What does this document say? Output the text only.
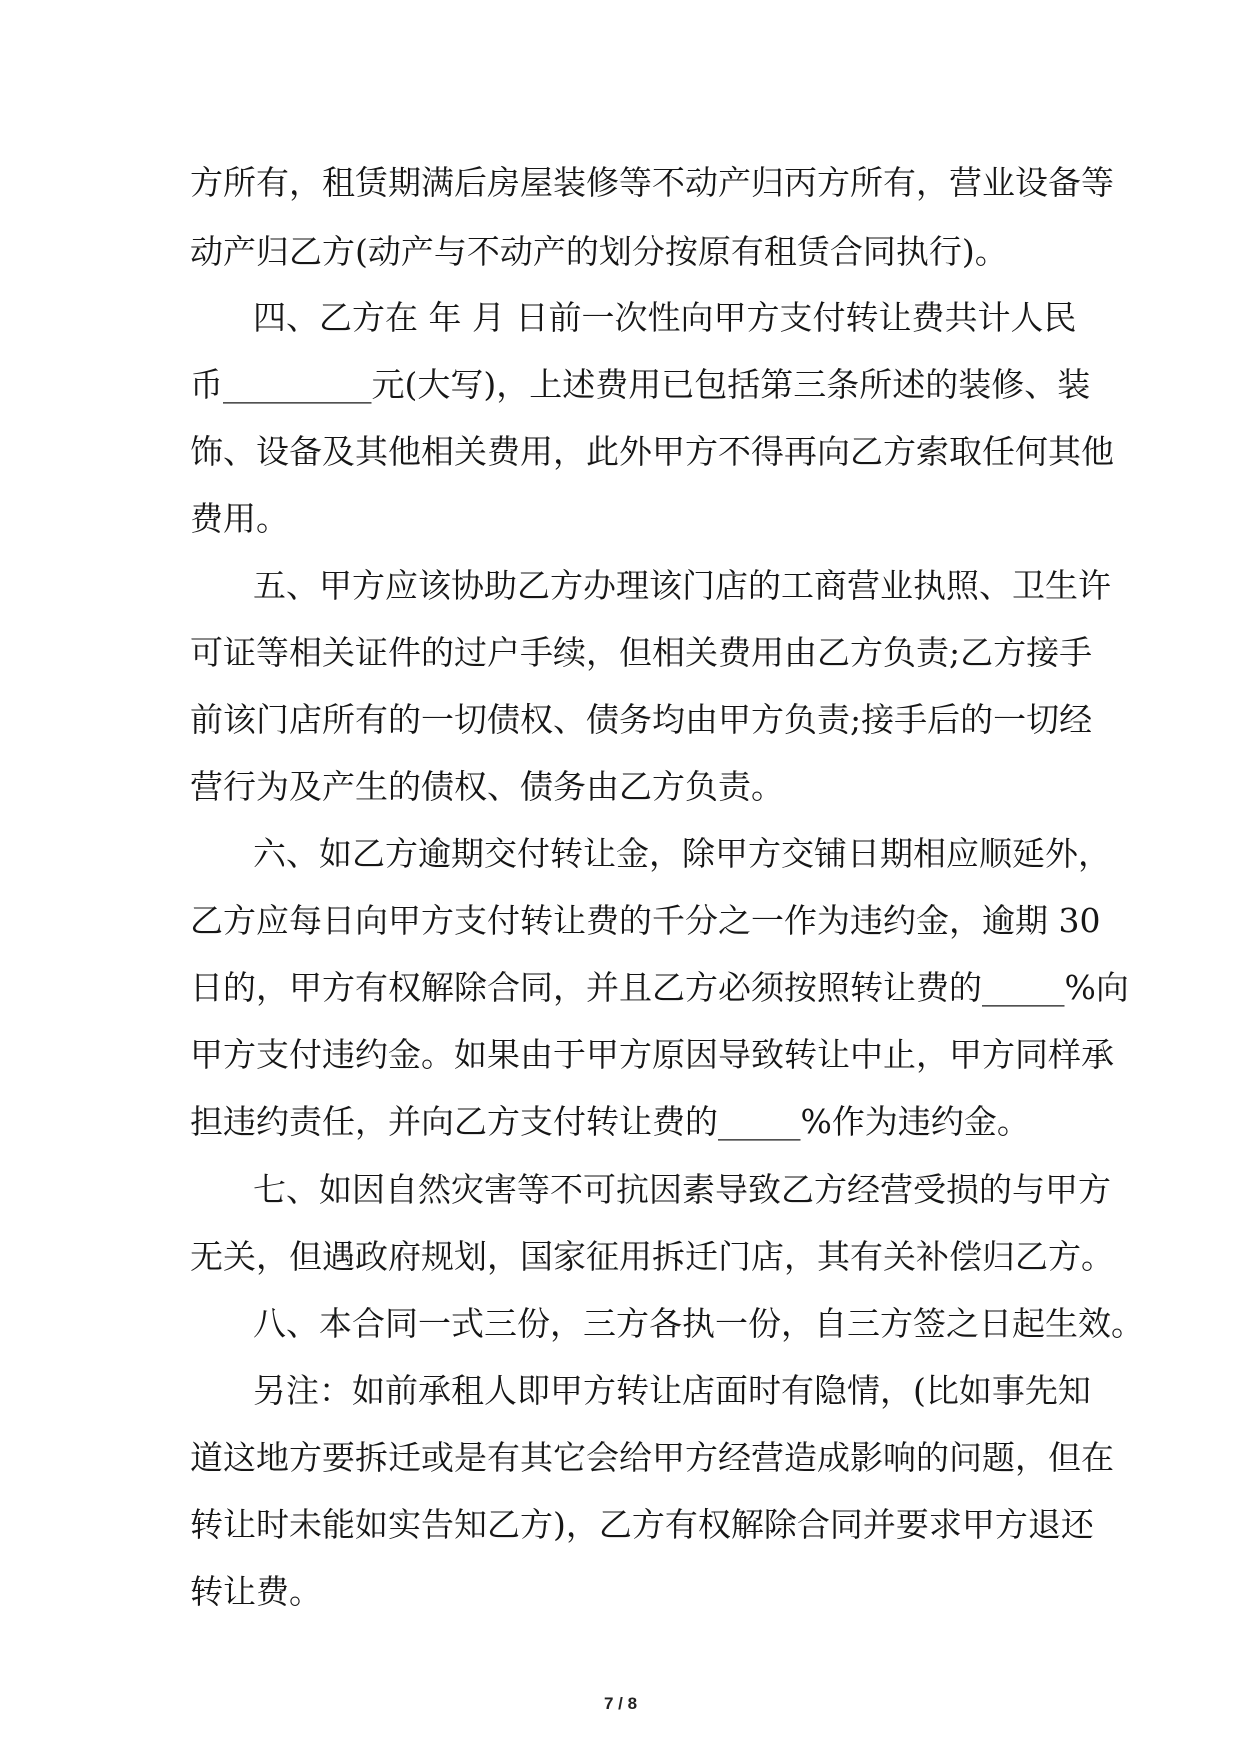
方所有，租赁期满后房屋装修等不动产归丙方所有，营业设备等

动产归乙方(动产与不动产的划分按原有租赁合同执行)。

四、乙方在 年 月 日前一次性向甲方支付转让费共计人民

币_________元(大写)，上述费用已包括第三条所述的装修、装

饰、设备及其他相关费用，此外甲方不得再向乙方索取任何其他

费用。

五、甲方应该协助乙方办理该门店的工商营业执照、卫生许

可证等相关证件的过户手续，但相关费用由乙方负责;乙方接手

前该门店所有的一切债权、债务均由甲方负责;接手后的一切经

营行为及产生的债权、债务由乙方负责。

六、如乙方逾期交付转让金，除甲方交铺日期相应顺延外，

乙方应每日向甲方支付转让费的千分之一作为违约金，逾期 30

日的，甲方有权解除合同，并且乙方必须按照转让费的_____%向

甲方支付违约金。如果由于甲方原因导致转让中止，甲方同样承

担违约责任，并向乙方支付转让费的_____%作为违约金。

七、如因自然灾害等不可抗因素导致乙方经营受损的与甲方

无关，但遇政府规划，国家征用拆迁门店，其有关补偿归乙方。

八、本合同一式三份，三方各执一份，自三方签之日起生效。

另注：如前承租人即甲方转让店面时有隐情，(比如事先知

道这地方要拆迁或是有其它会给甲方经营造成影响的问题，但在

转让时未能如实告知乙方)，乙方有权解除合同并要求甲方退还

转让费。

7 / 8
